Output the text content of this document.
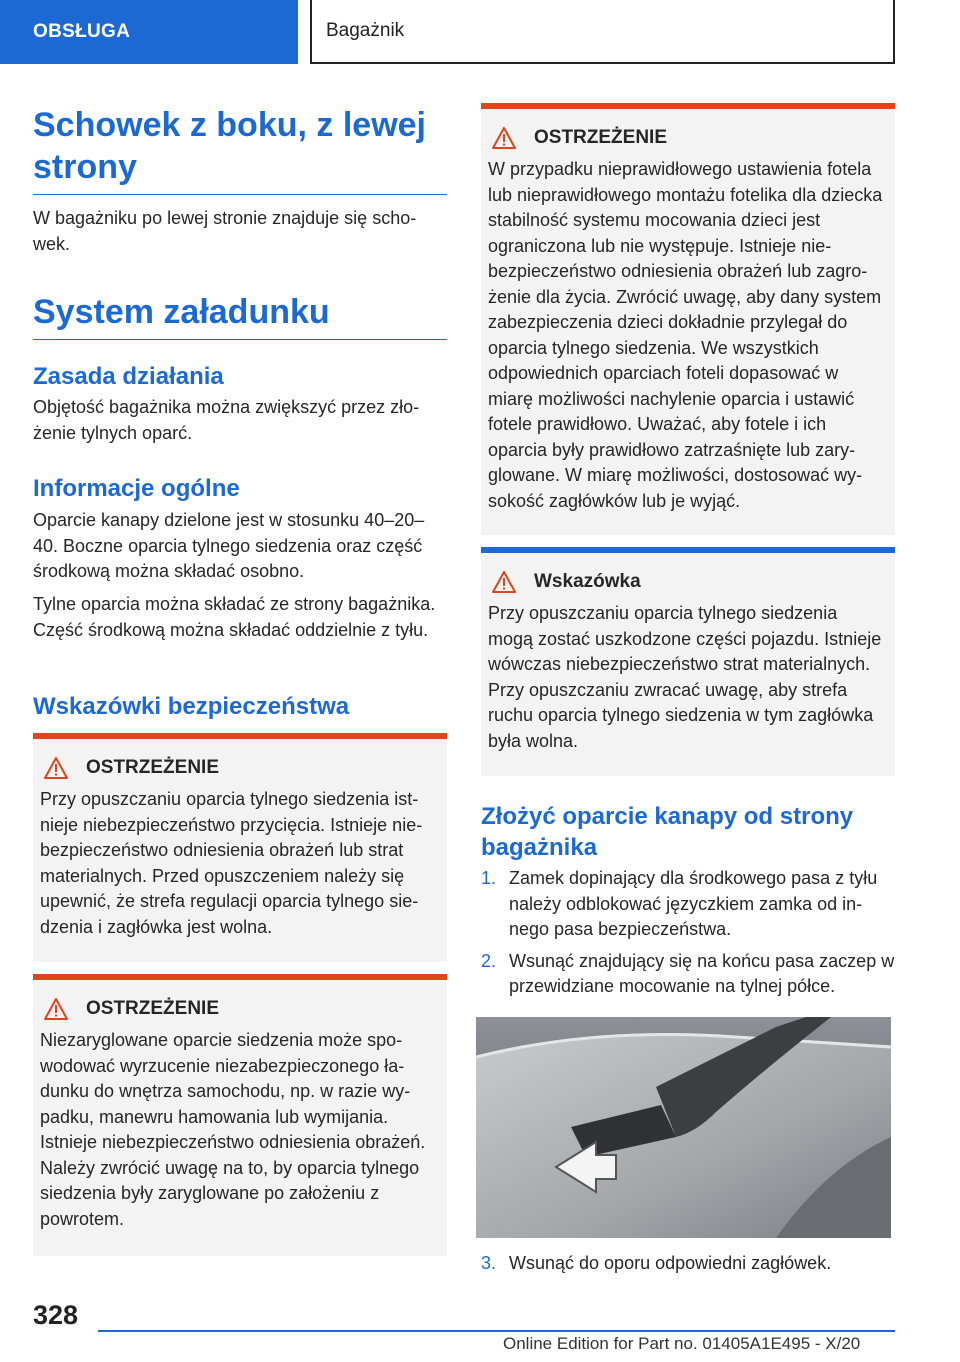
OBSŁUGA	Bagażnik
Schowek z boku, z lewej strony

W bagażniku po lewej stronie znajduje się schowek.

System załadunku
Zasada działania

Objętość bagażnika można zwiększyć przez złożenie tylnych oparć.

Informacje ogólne

Oparcie kanapy dzielone jest w stosunku 40–20–40. Boczne oparcia tylnego siedzenia oraz część środkową można składać osobno.

Tylne oparcia można składać ze strony bagażnika. Część środkową można składać oddzielnie z tyłu.

Wskazówki bezpieczeństwa
OSTRZEŻENIE
Przy opuszczaniu oparcia tylnego siedzenia istnieje niebezpieczeństwo przycięcia. Istnieje niebezpieczeństwo odniesienia obrażeń lub strat materialnych. Przed opuszczeniem należy się upewnić, że strefa regulacji oparcia tylnego siedzenia i zagłówka jest wolna.
OSTRZEŻENIE
Niezaryglowane oparcie siedzenia może spowodować wyrzucenie niezabezpieczonego ładunku do wnętrza samochodu, np. w razie wypadku, manewru hamowania lub wymijania. Istnieje niebezpieczeństwo odniesienia obrażeń. Należy zwrócić uwagę na to, by oparcia tylnego siedzenia były zaryglowane po założeniu z powrotem.
OSTRZEŻENIE
W przypadku nieprawidłowego ustawienia fotela lub nieprawidłowego montażu fotelika dla dziecka stabilność systemu mocowania dzieci jest ograniczona lub nie występuje. Istnieje niebezpieczeństwo odniesienia obrażeń lub zagrożenie dla życia. Zwrócić uwagę, aby dany system zabezpieczenia dzieci dokładnie przylegał do oparcia tylnego siedzenia. We wszystkich odpowiednich oparciach foteli dopasować w miarę możliwości nachylenie oparcia i ustawić fotele prawidłowo. Uważać, aby fotele i ich oparcia były prawidłowo zatrzaśnięte lub zaryglowane. W miarę możliwości, dostosować wysokość zagłówków lub je wyjąć.
Wskazówka
Przy opuszczaniu oparcia tylnego siedzenia mogą zostać uszkodzone części pojazdu. Istnieje wówczas niebezpieczeństwo strat materialnych. Przy opuszczaniu zwracać uwagę, aby strefa ruchu oparcia tylnego siedzenia w tym zagłówka była wolna.
Złożyć oparcie kanapy od strony bagażnika
1. Zamek dopinający dla środkowego pasa z tyłu należy odblokować języczkiem zamka od innego pasa bezpieczeństwa.
2. Wsunąć znajdujący się na końcu pasa zaczep w przewidziane mocowanie na tylnej półce.
3. Wsunąć do oporu odpowiedni zagłówek.
328
Online Edition for Part no. 01405A1E495 - X/20
